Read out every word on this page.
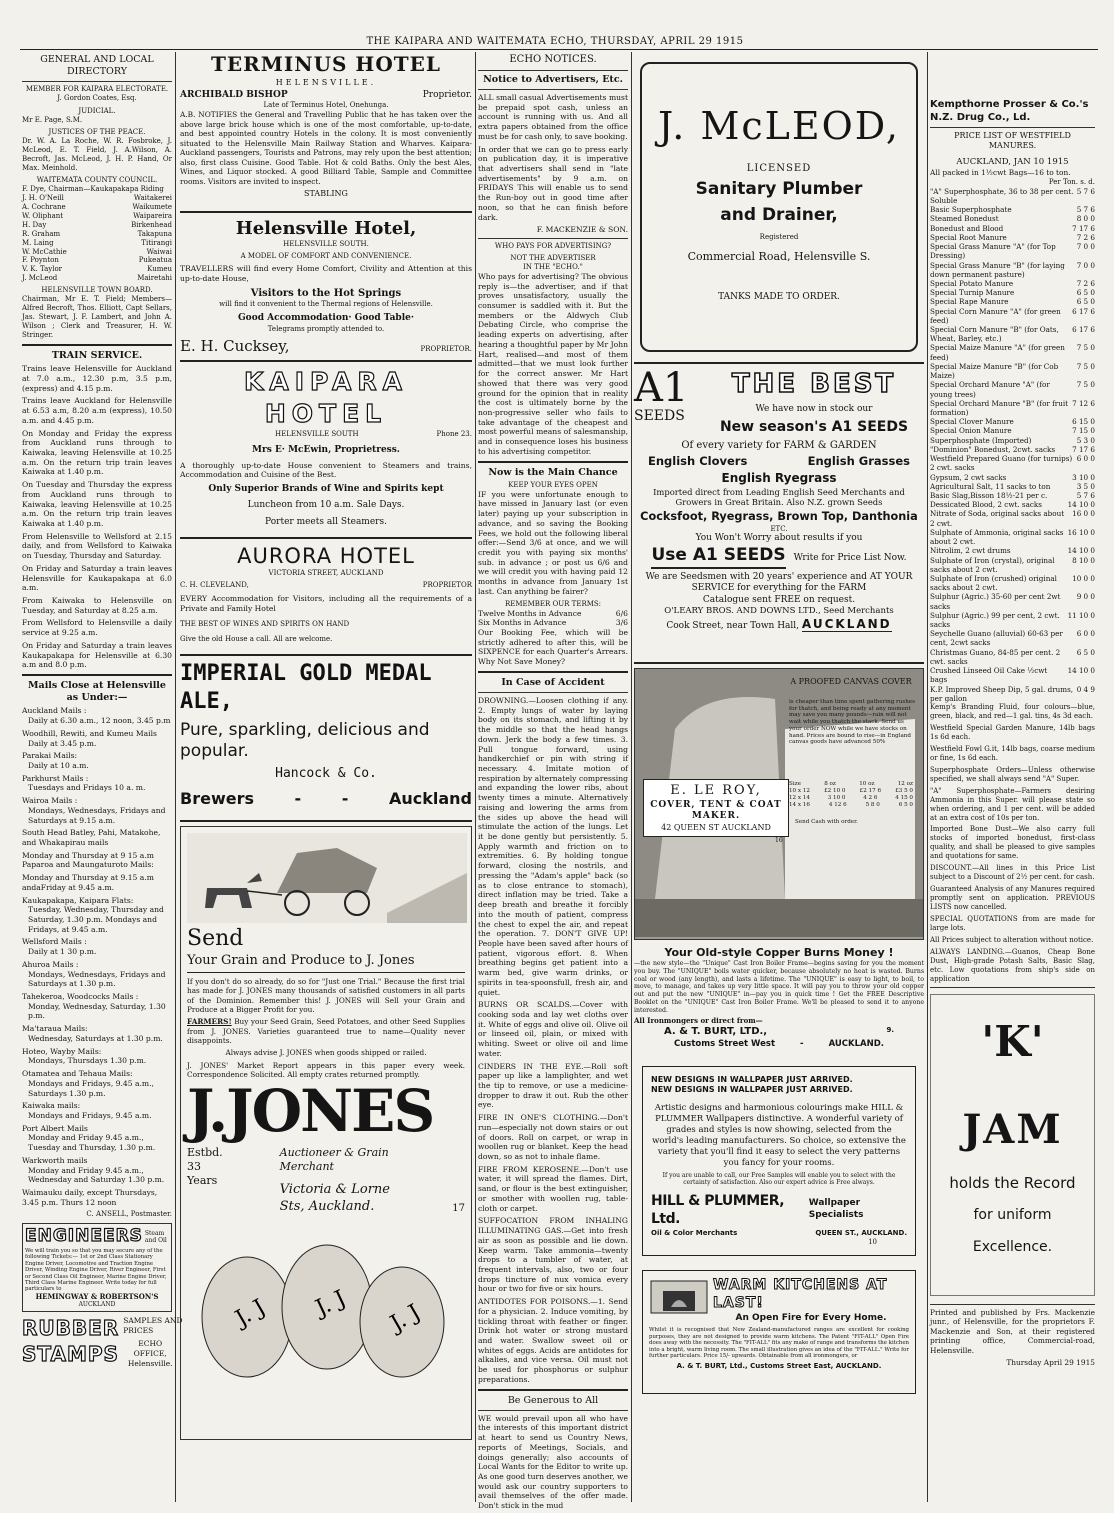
THE KAIPARA AND WAITEMATA ECHO, THURSDAY, APRIL 29 1915
GENERAL AND LOCAL DIRECTORY
MEMBER FOR KAIPARA ELECTORATE.
J. Gordon Coates, Esq.
JUDICIAL.
Mr E. Page, S.M.
JUSTICES OF THE PEACE.

Dr. W. A. La Roche, W. R. Fosbroke, J. McLeod, E. T. Field, J. A.Wilson, A. Becroft, Jas. McLeod, J. H. P. Hand, Or Max. Meinhold.

WAITEMATA COUNTY COUNCIL.
F. Dye, Chairman—Kaukapakapa Riding
J. H. O'Neill	Waitakerei
A. Cochrane	Waikumete
W. Oliphant	Waipareira
H. Day	Birkenhead
R. Graham	Takapuna
M. Laing	Titirangi
W. McCathie	Waiwai
F. Poynton	Pukeatua
V. K. Taylor	Kumeu
J. McLeod	Mairetahi
HELENSVILLE TOWN BOARD.

Chairman, Mr E. T. Field; Members—Alfred Becroft, Thos. Elliott, Capt Sellars, Jas. Stewart, J. F. Lambert, and John A. Wilson ; Clerk and Treasurer, H. W. Stringer.

TRAIN SERVICE.

Trains leave Helensville for Auckland at 7.0 a.m., 12.30 p.m, 3.5 p.m, (express) and 4.15 p.m.

Trains leave Auckland for Helensville at 6.53 a.m, 8.20 a.m (express), 10.50 a.m. and 4.45 p.m.

On Monday and Friday the express from Auckland runs through to Kaiwaka, leaving Helensville at 10.25 a.m. On the return trip train leaves Kaiwaka at 1.40 p.m.

On Tuesday and Thursday the express from Auckland runs through to Kaiwaka, leaving Helensville at 10.25 a.m. On the return trip train leaves Kaiwaka at 1.40 p.m.

From Helensville to Wellsford at 2.15 daily, and from Wellsford to Kaiwaka on Tuesday, Thursday and Saturday.

On Friday and Saturday a train leaves Helensville for Kaukapakapa at 6.0 a.m.

From Kaiwaka to Helensville on Tuesday, and Saturday at 8.25 a.m.

From Wellsford to Helensville a daily service at 9.25 a.m.

On Friday and Saturday a train leaves Kaukapakapa for Helensville at 6.30 a.m and 8.0 p.m.

Mails Close at Helensville as Under:—
Auckland Mails :
Daily at 6.30 a.m., 12 noon, 3.45 p.m
Woodhill, Rewiti, and Kumeu Mails
Daily at 3.45 p.m.
Parakai Mails:
Daily at 10 a.m.
Parkhurst Mails :
Tuesdays and Fridays 10 a. m.
Wairoa Mails :
Mondays, Wednesdays, Fridays and Saturdays at 9.15 a.m.
South Head Batley, Pahi, Matakohe, and Whakapirau mails
Monday and Thursday at 9 15 a.m Paparoa and Maungaturoto Mails:
Monday and Thursday at 9.15 a.m andaFriday at 9.45 a.m.
Kaukapakapa, Kaipara Flats:
Tuesday, Wednesday, Thursday and Saturday, 1.30 p.m. Mondays and Fridays, at 9.45 a.m.
Wellsford Mails :
Daily at 1 30 p.m.
Ahuroa Mails :
Mondays, Wednesdays, Fridays and Saturdays at 1.30 p.m.
Tahekeroa, Woodcocks Mails :
Monday, Wednesday, Saturday, 1.30 p.m.
Ma'taraua Mails:
Wednesday, Saturdays at 1.30 p.m.
Hoteo, Wayby Mails:
Mondays, Thursdays 1.30 p.m.
Otamatea and Tehaua Mails:
Mondays and Fridays, 9.45 a.m., Saturdays 1.30 p.m.
Kaiwaka mails:
Mondays and Fridays, 9.45 a.m.
Port Albert Mails
Monday and Friday 9.45 a.m., Tuesday and Thursday, 1.30 p.m.
Warkworth mails
Monday and Friday 9.45 a.m., Wednesday and Saturday 1.30 p.m.
Waimauku daily, except Thursdays, 3.45 p.m. Thurs 12 noon
C. ANSELL, Postmaster.
ENGINEERS Steam and Oil
We will train you so that you may secure any of the following Tickets:— 1st or 2nd Class Stationary Engine Driver, Locomotive and Traction Engine Driver, Winding Engine Driver, River Engineer, First or Second Class Oil Engineer, Marine Engine Driver, Third Class Marine Engineer. Write today for full particulars to
HEMINGWAY & ROBERTSON'S
AUCKLAND
RUBBER
STAMPS
SAMPLES AND PRICES
ECHO OFFICE, Helensville.
TERMINUS HOTEL
HELENSVILLE.
ARCHIBALD BISHOP	Proprietor.
Late of Terminus Hotel, Onehunga.

A.B. NOTIFIES the General and Travelling Public that he has taken over the above large brick house which is one of the most comfortable, up-to-date, and best appointed country Hotels in the colony. It is most conveniently situated to the Helensville Main Railway Station and Wharves. Kaipara-Auckland passengers, Tourists and Patrons, may rely upon the best attention; also, first class Cuisine. Good Table. Hot & cold Baths. Only the best Ales, Wines, and Liquor stocked. A good Billiard Table, Sample and Committee rooms. Visitors are invited to inspect.

STABLING
Helensville Hotel,
HELENSVILLE SOUTH.
A MODEL OF COMFORT AND CONVENIENCE.

TRAVELLERS will find every Home Comfort, Civility and Attention at this up-to-date House,

Visitors to the Hot Springs
will find it convenient to the Thermal regions of Helensville.
Good Accommodation· Good Table·
Telegrams promptly attended to.
E. H. Cucksey,	PROPRIETOR.
KAIPARA HOTEL
HELENSVILLE SOUTH	Phone 23.
Mrs E· McEwin, Proprietress.

A thoroughly up-to-date House convenient to Steamers and trains, Accommodation and Cuisine of the Best.

Only Superior Brands of Wine and Spirits kept
Luncheon from 10 a.m. Sale Days.
Porter meets all Steamers.
AURORA HOTEL
VICTORIA STREET, AUCKLAND
C. H. CLEVELAND,	PROPRIETOR

EVERY Accommodation for Visitors, including all the requirements of a Private and Family Hotel

THE BEST OF WINES AND SPIRITS ON HAND
Give the old House a call. All are welcome.
IMPERIAL GOLD MEDAL ALE,
Pure, sparkling, delicious and popular.
Hancock & Co.
Brewers	-	-	Auckland
Send
Your Grain and Produce to J. Jones

If you don't do so already, do so for "Just one Trial." Because the first trial has made for J. JONES many thousands of satisfied customers in all parts of the Dominion. Remember this! J. JONES will Sell your Grain and Produce at a Bigger Profit for you.

FARMERS! Buy your Seed Grain, Seed Potatoes, and other Seed Supplies from J. JONES. Varieties guaranteed true to name—Quality never disappoints.

Always advise J. JONES when goods shipped or railed.

J. JONES' Market Report appears in this paper every week. Correspondence Solicited. All empty crates returned promptly.

J.JONES
Estbd. 33 Years
Auctioneer & Grain Merchant
Victoria & Lorne Sts, Auckland.	17
J. J J. J J. J
ECHO NOTICES.
Notice to Advertisers, Etc.

ALL small casual Advertisements must be prepaid spot cash, unless an account is running with us. And all extra papers obtained from the office must be for cash only, to save booking.

In order that we can go to press early on publication day, it is imperative that advertisers shall send in "late advertisements" by 9 a.m. on FRIDAYS This will enable us to send the Run-boy out in good time after noon, so that he can finish before dark.

F. MACKENZIE & SON.
WHO PAYS FOR ADVERTISING?
NOT THE ADVERTISER
IN THE "ECHO."

Who pays for advertising? The obvious reply is—the advertiser, and if that proves unsatisfactory, usually the consumer is saddled with it. But the members or the Aldwych Club Debating Circle, who comprise the leading experts on advertising, after hearing a thoughtful paper by Mr John Hart, realised—and most of them admitted—that we must look further for the correct answer. Mr Hart showed that there was very good ground for the opinion that in reality the cost is ultimately borne by the non-progressive seller who fails to take advantage of the cheapest and most powerful means of salesmanship, and in consequence loses his business to his advertising competitor.

Now is the Main Chance
KEEP YOUR EYES OPEN

IF you were unfortunate enough to have missed in January last (or even later) paying up your subscription in advance, and so saving the Booking Fees, we hold out the following liberal offer:—Send 3/6 at once, and we will credit you with paying six months' sub. in advance ; or post us 6/6 and we will credit you with having paid 12 months in advance from January 1st last. Can anything be fairer?

REMEMBER OUR TERMS:
Twelve Months in Advance	6/6
Six Months in Advance	3/6

Our Booking Fee, which will be strictly adhered to after this, will be SIXPENCE for each Quarter's Arrears. Why Not Save Money?

In Case of Accident

DROWNING.—Loosen clothing if any. 2. Empty lungs of water by laying body on its stomach, and lifting it by the middle so that the head hangs down. Jerk the body a few times. 3. Pull tongue forward, using handkerchief or pin with string if necessary. 4. Imitate motion of respiration by alternately compressing and expanding the lower ribs, about twenty times a minute. Alternatively raising and lowering the arms from the sides up above the head will stimulate the action of the lungs. Let it be done gently but persistently. 5. Apply warmth and friction on to extremities. 6. By holding tongue forward, closing the nostrils, and pressing the "Adam's apple" back (so as to close entrance to stomach), direct inflation may be tried. Take a deep breath and breathe it forcibly into the mouth of patient, compress the chest to expel the air, and repeat the operation. 7. DON'T GIVE UP! People have been saved after hours of patient, vigorous effort. 8. When breathing begins get patient into a warm bed, give warm drinks, or spirits in tea-spoonsfull, fresh air, and quiet.

BURNS OR SCALDS.—Cover with cooking soda and lay wet cloths over it. White of eggs and olive oil. Olive oil or linseed oil, plain, or mixed with whiting. Sweet or olive oil and lime water.

CINDERS IN THE EYE.—Roll soft paper up like a lamplighter, and wet the tip to remove, or use a medicine-dropper to draw it out. Rub the other eye.

FIRE IN ONE'S CLOTHING.—Don't run—especially not down stairs or out of doors. Roll on carpet, or wrap in woollen rug or blanket. Keep the head down, so as not to inhale flame.

FIRE FROM KEROSENE.—Don't use water, it will spread the flames. Dirt, sand, or flour is the best extinguisher, or smother with woollen rug, table-cloth or carpet.

SUFFOCATION FROM INHALING ILLUMINATING GAS.—Get into fresh air as soon as possible and lie down. Keep warm. Take ammonia—twenty drops to a tumbler of water, at frequent intervals, also, two or four drops tincture of nux vomica every hour or two for five or six hours.

ANTIDOTES FOR POISONS.—1. Send for a physician. 2. Induce vomiting, by tickling throat with feather or finger. Drink hot water or strong mustard and water. Swallow sweet oil or whites of eggs. Acids are antidotes for alkalies, and vice versa. Oil must not be used for phosphorus or sulphur preparations.

Be Generous to All

WE would prevail upon all who have the interests of this important district at heart to send us Country News, reports of Meetings, Socials, and doings generally; also accounts of Local Wants for the Editor to write up. As one good turn deserves another, we would ask our country supporters to avail themselves of the offer made. Don't stick in the mud

J. McLEOD,
LICENSED
Sanitary Plumber
and Drainer,
Registered
Commercial Road, Helensville S.
TANKS MADE TO ORDER.
A1
SEEDS
THE BEST
We have now in stock our
New season's A1 SEEDS
Of every variety for FARM & GARDEN
English Clovers	English Grasses
English Ryegrass
Imported direct from Leading English Seed Merchants and Growers in Great Britain. Also N.Z. grown Seeds
Cocksfoot, Ryegrass, Brown Top, Danthonia
ETC.
You Won't Worry about results if you
Use A1 SEEDS Write for Price List Now.
We are Seedsmen with 20 years' experience and AT YOUR SERVICE for everything for the FARM
Catalogue sent FREE on request.
O'LEARY BROS. AND DOWNS LTD., Seed Merchants
Cook Street, near Town Hall, AUCKLAND
A PROOFED CANVAS COVER
is cheaper than time spent gathering rushes for thatch, and being ready at any moment may save you many pounds—rain will not wait while you thatch the stack. Send us your order NOW while we have stocks on hand. Prices are bound to rise—in England canvas goods have advanced 50%
E. LE ROY,
COVER, TENT & COAT MAKER.
42 QUEEN ST AUCKLAND
Size	8 oz	10 oz	12 oz
10 x 12	£2 10 0	£2 17 6	£3 5 0
12 x 14	3 10 0	4 2 6	4 15 0
14 x 16	4 12 6	5 8 0	6 5 0
Send Cash with order.
16
Your Old-style Copper Burns Money !

—the new style—the "Unique" Cast Iron Boiler Frame—begins saving for you the moment you buy. The "UNIQUE" boils water quicker, because absolutely no heat is wasted. Burns coal or wood (any length), and lasts a lifetime. The "UNIQUE" is easy to light, to boil, to move, to manage, and takes up very little space. It will pay you to throw your old copper out and put the new "UNIQUE" in—pay you in quick time ! Get the FREE Descriptive Booklet on the "UNIQUE" Cast Iron Boiler Frame. We'll be pleased to send it to anyone interested.

All Ironmongers or direct from—
A. & T. BURT, LTD.,	9.
Customs Street West	-	AUCKLAND.
NEW DESIGNS IN WALLPAPER JUST ARRIVED.
NEW DESIGNS IN WALLPAPER JUST ARRIVED.

Artistic designs and harmonious colourings make HILL & PLUMMER Wallpapers distinctive. A wonderful variety of grades and styles is now showing, selected from the world's leading manufacturers. So choice, so extensive the variety that you'll find it easy to select the very patterns you fancy for your rooms.

If you are unable to call, our Free Samples will enable you to select with the certainty of satisfaction. Also our expert advice is Free always.

HILL & PLUMMER, Ltd.
Wallpaper Specialists
Oil & Color Merchants	QUEEN ST., AUCKLAND.
10
WARM KITCHENS AT LAST!
An Open Fire for Every Home.

Whilst it is recognised that New Zealand-manufactured ranges are excellent for cooking purposes, they are not designed to provide warm kitchens. The Patent "FIT-ALL" Open Fire does away with the necessity. The "FIT-ALL" fits any make of range and transforms the kitchen into a bright, warm living room. The small illustration gives an idea of the "FIT-ALL." Write for further particulars. Price 15/- upwards. Obtainable from all ironmongers, or

A. & T. BURT, Ltd., Customs Street East, AUCKLAND.
Kempthorne Prosser & Co.'s N.Z. Drug Co., Ld.
PRICE LIST OF WESTFIELD MANURES.
AUCKLAND, JAN 10 1915
All packed in 1½cwt Bags—16 to ton.
Per Ton. s. d.
"A" Superphosphate, 36 to 38 per cent. Soluble
5 7 6
Basic Superphosphate	5 7 6
Steamed Bonedust	8 0 0
Bonedust and Blood	7 17 6
Special Root Manure	7 2 6
Special Grass Manure "A" (for Top Dressing)
7 0 0
Special Grass Manure "B" (for laying down permanent pasture)
7 0 0
Special Potato Manure	7 2 6
Special Turnip Manure	6 5 0
Special Rape Manure	6 5 0
Special Corn Manure "A" (for green feed)
6 17 6
Special Corn Manure "B" (for Oats, Wheat, Barley, etc.)
6 17 6
Special Maize Manure "A" (for green feed)
7 5 0
Special Maize Manure "B" (for Cob Maize)
7 5 0
Special Orchard Manure "A" (for young trees)
7 5 0
Special Orchard Manure "B" (for fruit formation)
7 12 6
Special Clover Manure	6 15 0
Special Onion Manure	7 15 0
Superphosphate (Imported)	5 3 0
"Dominion" Bonedust, 2cwt. sacks	7 17 6
Westfield Prepared Guano (for turnips) 2 cwt. sacks
6 0 0
Gypsum, 2 cwt sacks	3 10 0
Agricultural Salt, 11 sacks to ton	3 5 0
Basic Slag,Bisson 18½-21 per c.	5 7 6
Dessicated Blood, 2 cwt. sacks	14 10 0
Nitrate of Soda, original sacks about 2 cwt.
16 0 0
Sulphate of Ammonia, original sacks about 2 cwt.
16 10 0
Nitrolim, 2 cwt drums	14 10 0
Sulphate of Iron (crystal), original sacks about 2 cwt.
8 10 0
Sulphate of Iron (crushed) original sacks about 2 cwt.
10 0 0
Sulphur (Agric.) 35-60 per cent 2wt sacks
9 0 0
Sulphur (Agric.) 99 per cent, 2 cwt. sacks
11 10 0
Seychelle Guano (alluvial) 60-63 per cent, 2cwt sacks
6 0 0
Christmas Guano, 84-85 per cent. 2 cwt. sacks
6 5 0
Crushed Linseed Oil Cake ½cwt bags
14 10 0
K.P. Improved Sheep Dip, 5 gal. drums, per gallon
0 4 9

Kemp's Branding Fluid, four colours—blue, green, black, and red—1 gal. tins, 4s 3d each.

Westfield Special Garden Manure, 14lb bags 1s 6d each.

Westfield Fowl G.it, 14lb bags, coarse medium or fine, 1s 6d each.

Superphosphate Orders—Unless otherwise specified, we shall always send "A" Super.

"A" Superphosphate—Farmers desiring Ammonia in this Super. will please state so when ordering, and 1 per cent. will be added at an extra cost of 10s per ton.

Imported Bone Dust—We also carry full stocks of imported bonedust, first-class quality, and shall be pleased to give samples and quotations for same.

DISCOUNT.—All lines in this Price List subject to a Discount of 2½ per cent. for cash.

Guaranteed Analysis of any Manures required promptly sent on application. PREVIOUS LISTS now cancelled.

SPECIAL QUOTATIONS from are made for large lots.

All Prices subject to alteration without notice.

ALWAYS LANDING.—Guanos, Cheap Bone Dust, High-grade Potash Salts, Basic Slag, etc. Low quotations from ship's side on application

'K'
JAM
holds the Record
for uniform
Excellence.

Printed and published by Frs. Mackenzie junr., of Helensville, for the proprietors F. Mackenzie and Son, at their registered printing office, Commercial-road, Helensville.

Thursday April 29 1915
